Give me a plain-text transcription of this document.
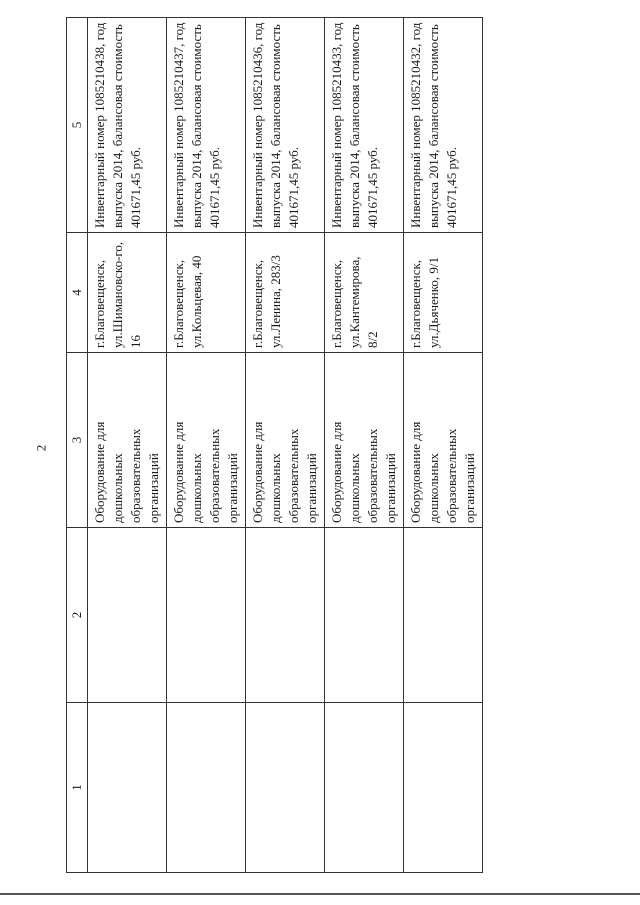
2
1	2	3	4	5
		Оборудование для дошкольных образовательных организаций	г.Благовещенск, ул.Шимановско-го, 16	Инвентарный номер 1085210438, год выпуска 2014, балансовая стоимость 401671,45 руб.
		Оборудование для дошкольных образовательных организаций	г.Благовещенск, ул.Кольцевая, 40	Инвентарный номер 1085210437, год выпуска 2014, балансовая стоимость 401671,45 руб.
		Оборудование для дошкольных образовательных организаций	г.Благовещенск, ул.Ленина, 283/3	Инвентарный номер 1085210436, год выпуска 2014, балансовая стоимость 401671,45 руб.
		Оборудование для дошкольных образовательных организаций	г.Благовещенск, ул.Кантемирова, 8/2	Инвентарный номер 1085210433, год выпуска 2014, балансовая стоимость 401671,45 руб.
		Оборудование для дошкольных образовательных организаций	г.Благовещенск, ул.Дьяченко, 9/1	Инвентарный номер 1085210432, год выпуска 2014, балансовая стоимость 401671,45 руб.
